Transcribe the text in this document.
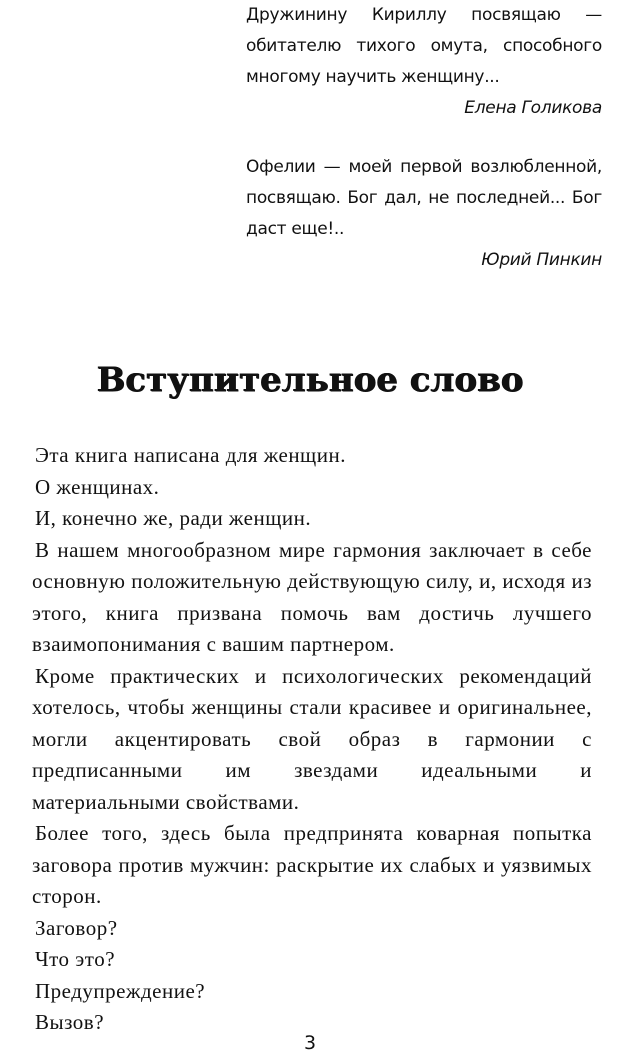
Дружинину Кириллу посвящаю — обитателю тихого омута, способного многому научить женщину...

Елена Голикова

Офелии — моей первой возлюбленной, посвящаю. Бог дал, не последней... Бог даст еще!..

Юрий Пинкин

Вступительное слово

Эта книга написана для женщин.

О женщинах.

И, конечно же, ради женщин.

В нашем многообразном мире гармония заключает в себе основную положительную действующую силу, и, исходя из этого, книга призвана помочь вам достичь лучшего взаимопонимания с вашим партнером.

Кроме практических и психологических рекомендаций хотелось, чтобы женщины стали красивее и оригинальнее, могли акцентировать свой образ в гармонии с предписанными им звездами идеальными и материальными свойствами.

Более того, здесь была предпринята коварная попытка заговора против мужчин: раскрытие их слабых и уязвимых сторон.

Заговор?

Что это?

Предупреждение?

Вызов?

3
